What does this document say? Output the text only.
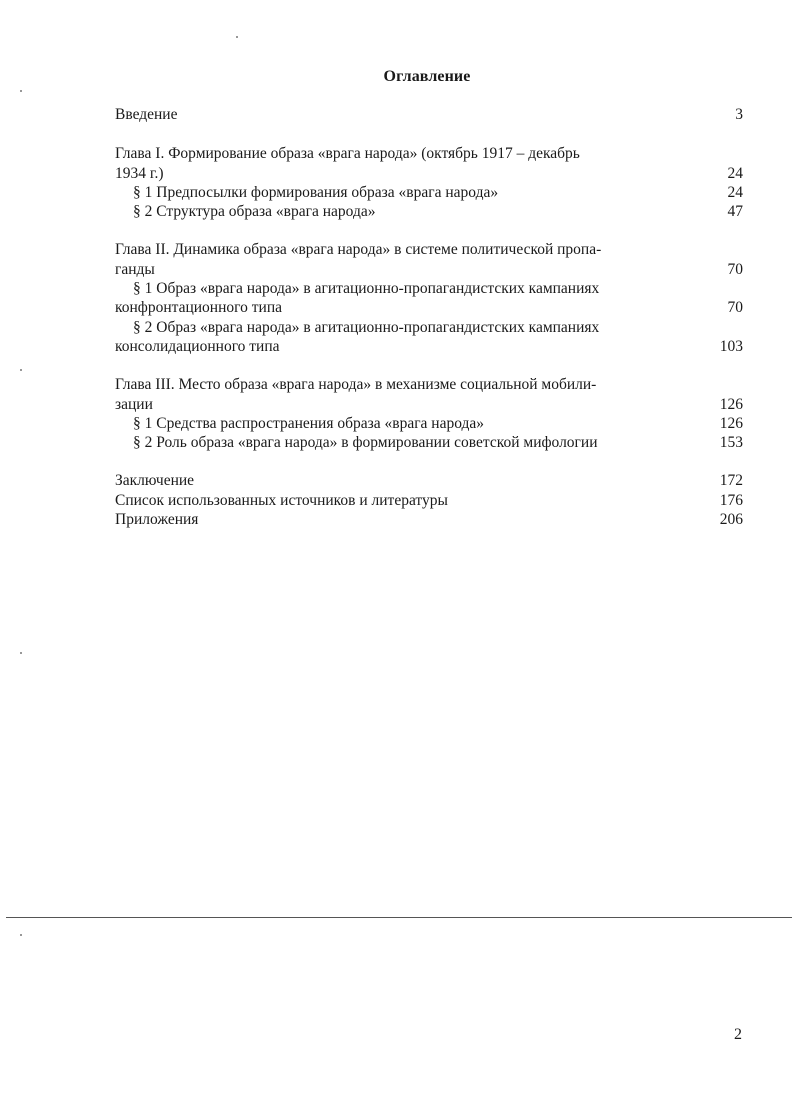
Оглавление
Введение	3
Глава I. Формирование образа «врага народа» (октябрь 1917 – декабрь
1934 г.)	24
§ 1 Предпосылки формирования образа «врага народа»	24
§ 2 Структура образа «врага народа»	47
Глава II. Динамика образа «врага народа» в системе политической пропа-
ганды	70
§ 1 Образ «врага народа» в агитационно-пропагандистских кампаниях
конфронтационного типа	70
§ 2 Образ «врага народа» в агитационно-пропагандистских кампаниях
консолидационного типа	103
Глава III. Место образа «врага народа» в механизме социальной мобили-
зации	126
§ 1 Средства распространения образа «врага народа»	126
§ 2 Роль образа «врага народа» в формировании советской мифологии	153
Заключение	172
Список использованных источников и литературы	176
Приложения	206
2
